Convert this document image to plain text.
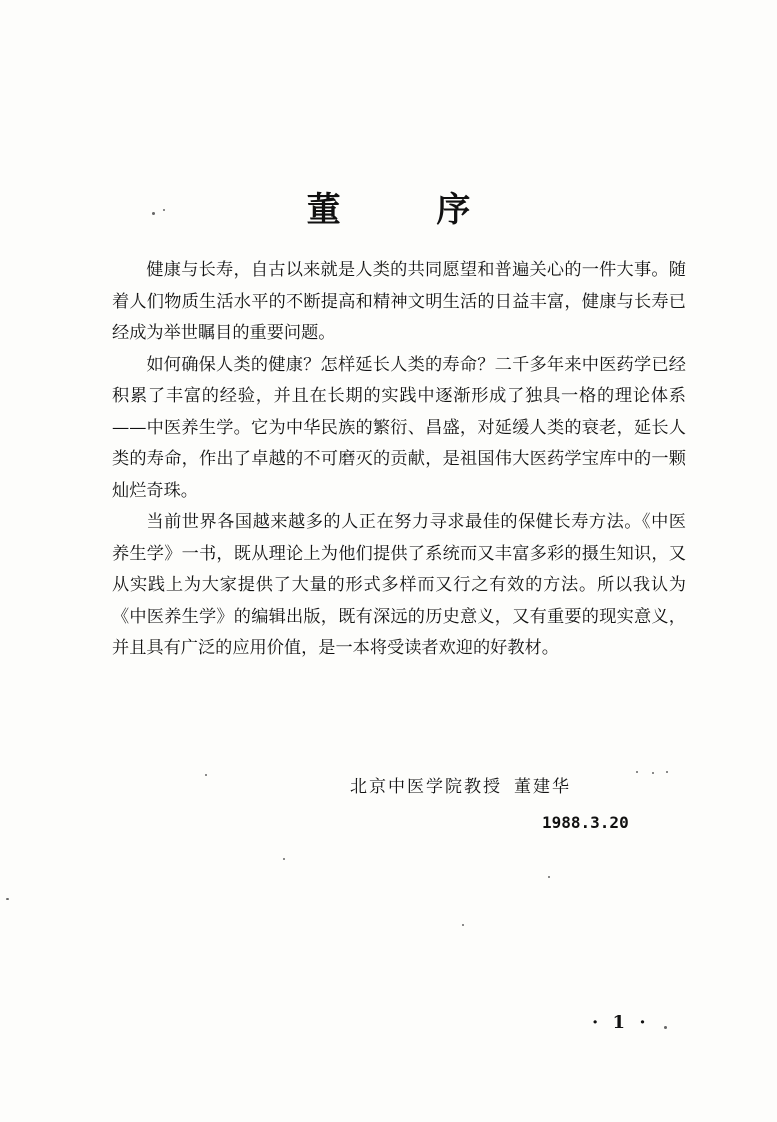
董 序

健康与长寿，自古以来就是人类的共同愿望和普遍关心的一件大事。随着人们物质生活水平的不断提高和精神文明生活的日益丰富，健康与长寿已经成为举世瞩目的重要问题。

如何确保人类的健康？怎样延长人类的寿命？二千多年来中医药学已经积累了丰富的经验，并且在长期的实践中逐渐形成了独具一格的理论体系——中医养生学。它为中华民族的繁衍、昌盛，对延缓人类的衰老，延长人类的寿命，作出了卓越的不可磨灭的贡献，是祖国伟大医药学宝库中的一颗灿烂奇珠。

当前世界各国越来越多的人正在努力寻求最佳的保健长寿方法。《中医养生学》一书，既从理论上为他们提供了系统而又丰富多彩的摄生知识，又从实践上为大家提供了大量的形式多样而又行之有效的方法。所以我认为《中医养生学》的编辑出版，既有深远的历史意义，又有重要的现实意义，并且具有广泛的应用价值，是一本将受读者欢迎的好教材。

北京中医学院教授 董建华
1988.3.20
· 1 ·
